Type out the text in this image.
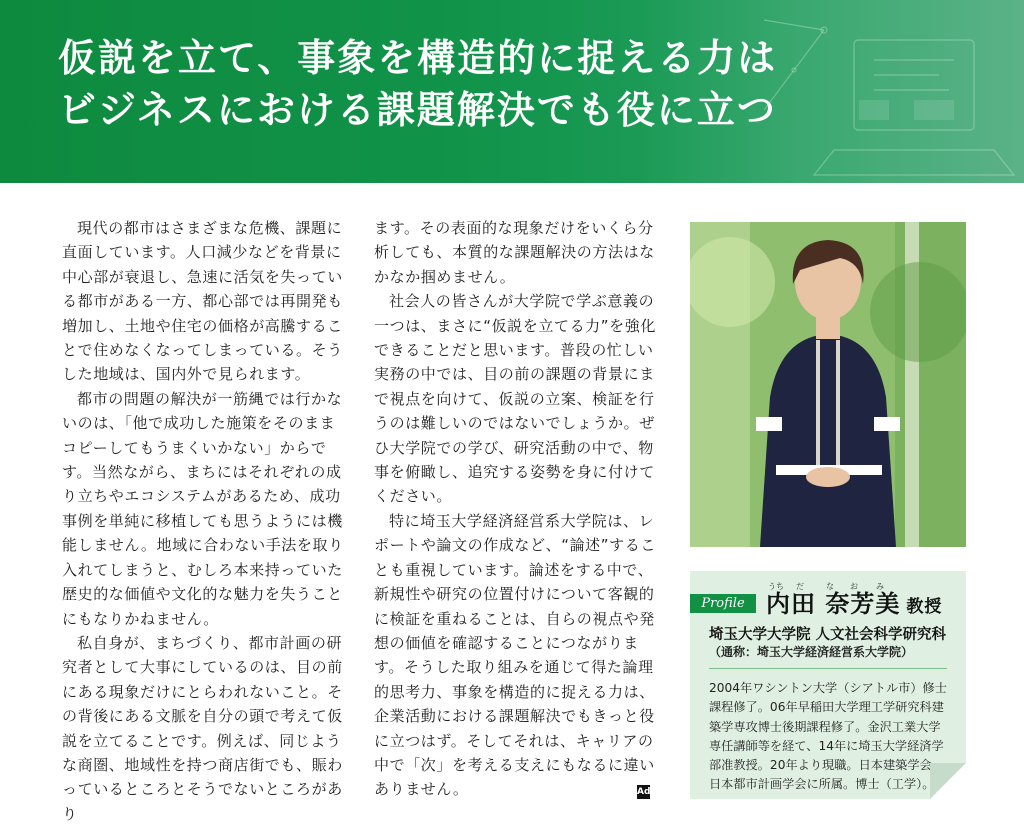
仮説を立て、事象を構造的に捉える力は
ビジネスにおける課題解決でも役に立つ

現代の都市はさまざまな危機、課題に直面しています。人口減少などを背景に中心部が衰退し、急速に活気を失っている都市がある一方、都心部では再開発も増加し、土地や住宅の価格が高騰することで住めなくなってしまっている。そうした地域は、国内外で見られます。

都市の問題の解決が一筋縄では行かないのは、「他で成功した施策をそのままコピーしてもうまくいかない」からです。当然ながら、まちにはそれぞれの成り立ちやエコシステムがあるため、成功事例を単純に移植しても思うようには機能しません。地域に合わない手法を取り入れてしまうと、むしろ本来持っていた歴史的な価値や文化的な魅力を失うことにもなりかねません。

私自身が、まちづくり、都市計画の研究者として大事にしているのは、目の前にある現象だけにとらわれないこと。その背後にある文脈を自分の頭で考えて仮説を立てることです。例えば、同じような商圏、地域性を持つ商店街でも、賑わっているところとそうでないところがあり

ます。その表面的な現象だけをいくら分析しても、本質的な課題解決の方法はなかなか掴めません。

社会人の皆さんが大学院で学ぶ意義の一つは、まさに“仮説を立てる力”を強化できることだと思います。普段の忙しい実務の中では、目の前の課題の背景にまで視点を向けて、仮説の立案、検証を行うのは難しいのではないでしょうか。ぜひ大学院での学び、研究活動の中で、物事を俯瞰し、追究する姿勢を身に付けてください。

特に埼玉大学経済経営系大学院は、レポートや論文の作成など、“論述”することも重視しています。論述をする中で、新規性や研究の位置付けについて客観的に検証を重ねることは、自らの視点や発想の価値を確認することにつながります。そうした取り組みを通じて得た論理的思考力、事象を構造的に捉える力は、企業活動における課題解決でもきっと役に立つはず。そしてそれは、キャリアの中で「次」を考える支えにもなるに違いありません。	Ad
Profile
うち だ	な お み
内田 奈芳美 教授
埼玉大学大学院 人文社会科学研究科
（通称：埼玉大学経済経営系大学院）

2004年ワシントン大学（シアトル市）修士課程修了。06年早稲田大学理工学研究科建築学専攻博士後期課程修了。金沢工業大学専任講師等を経て、14年に埼玉大学経済学部准教授。20年より現職。日本建築学会、日本都市計画学会に所属。博士（工学）。
